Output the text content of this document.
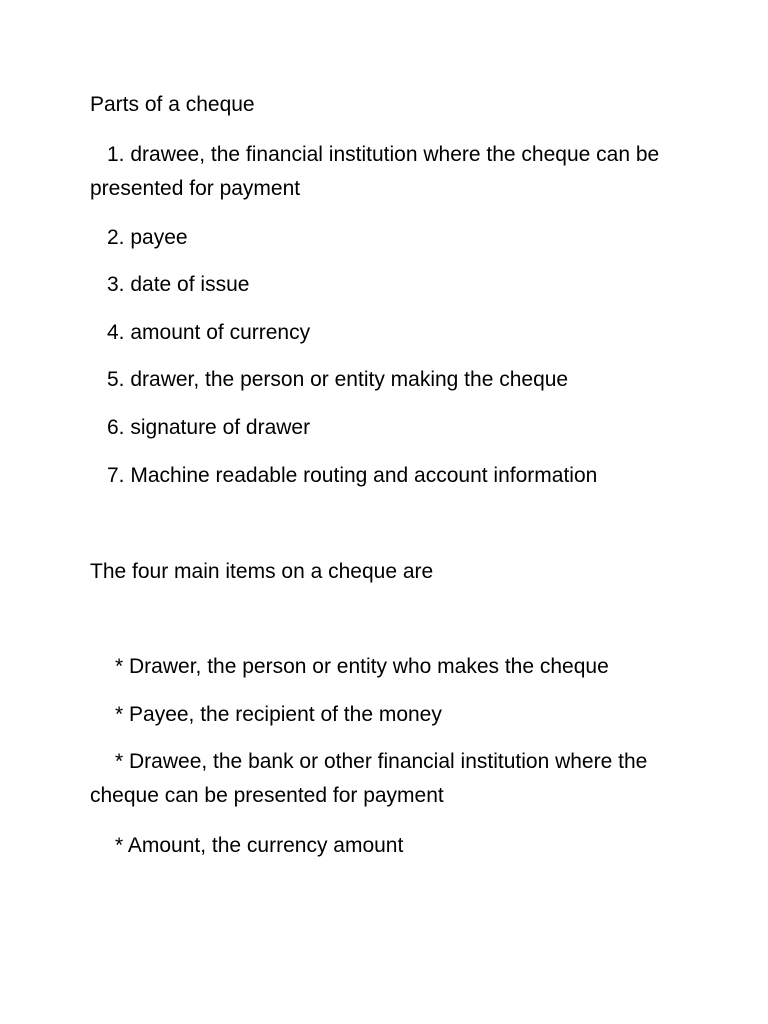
Parts of a cheque
1. drawee, the financial institution where the cheque can be presented for payment
2. payee
3. date of issue
4. amount of currency
5. drawer, the person or entity making the cheque
6. signature of drawer
7. Machine readable routing and account information
The four main items on a cheque are
* Drawer, the person or entity who makes the cheque
* Payee, the recipient of the money
* Drawee, the bank or other financial institution where the cheque can be presented for payment
* Amount, the currency amount
